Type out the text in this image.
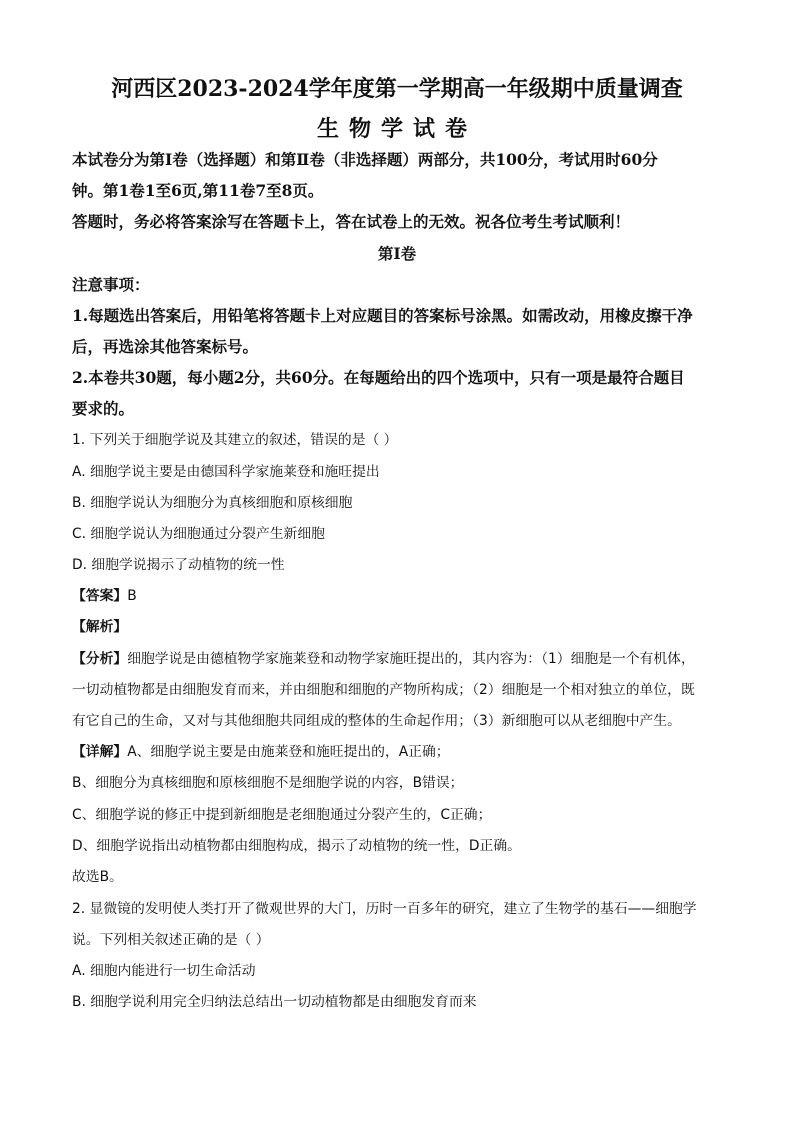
河西区2023-2024学年度第一学期高一年级期中质量调查
生物学试卷
本试卷分为第Ⅰ卷（选择题）和第Ⅱ卷（非选择题）两部分，共100分，考试用时60分
钟。第1卷1至6页,第11卷7至8页。
答题时，务必将答案涂写在答题卡上，答在试卷上的无效。祝各位考生考试顺利！
第Ⅰ卷
注意事项：
1.每题选出答案后，用铅笔将答题卡上对应题目的答案标号涂黑。如需改动，用橡皮擦干净
后，再选涂其他答案标号。
2.本卷共30题，每小题2分，共60分。在每题给出的四个选项中，只有一项是最符合题目
要求的。
1. 下列关于细胞学说及其建立的叙述，错误的是（ ）
A. 细胞学说主要是由德国科学家施莱登和施旺提出
B. 细胞学说认为细胞分为真核细胞和原核细胞
C. 细胞学说认为细胞通过分裂产生新细胞
D. 细胞学说揭示了动植物的统一性
【答案】B
【解析】
【分析】细胞学说是由德植物学家施莱登和动物学家施旺提出的，其内容为：（1）细胞是一个有机体，
一切动植物都是由细胞发育而来，并由细胞和细胞的产物所构成；（2）细胞是一个相对独立的单位，既
有它自己的生命，又对与其他细胞共同组成的整体的生命起作用；（3）新细胞可以从老细胞中产生。
【详解】A、细胞学说主要是由施莱登和施旺提出的，A正确；
B、细胞分为真核细胞和原核细胞不是细胞学说的内容，B错误；
C、细胞学说的修正中提到新细胞是老细胞通过分裂产生的，C正确；
D、细胞学说指出动植物都由细胞构成，揭示了动植物的统一性，D正确。
故选B。
2. 显微镜的发明使人类打开了微观世界的大门，历时一百多年的研究，建立了生物学的基石——细胞学
说。下列相关叙述正确的是（ ）
A. 细胞内能进行一切生命活动
B. 细胞学说利用完全归纳法总结出一切动植物都是由细胞发育而来
